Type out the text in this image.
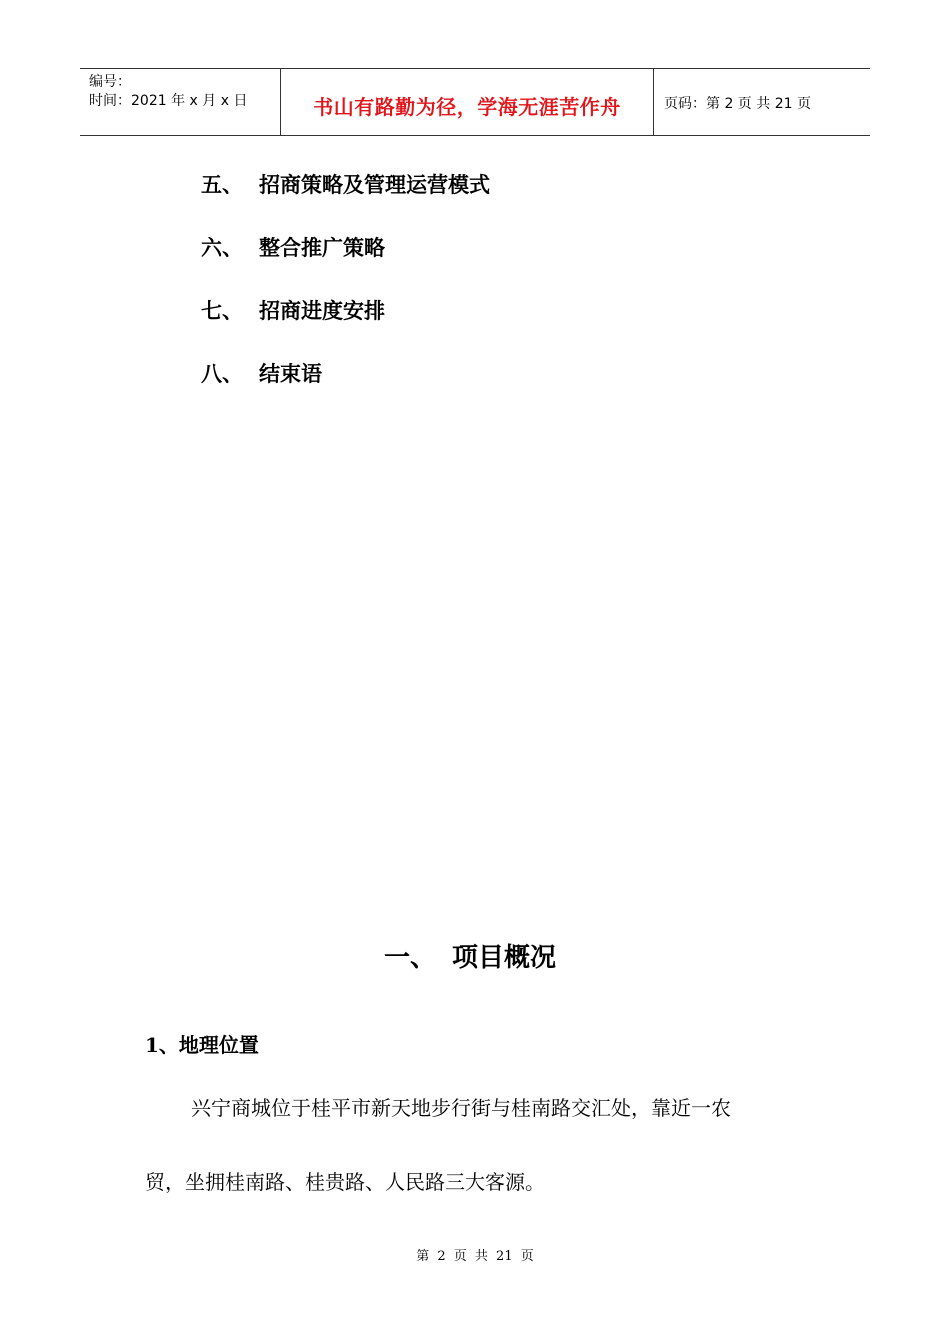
编号：
时间：2021 年 x 月 x 日	书山有路勤为径，学海无涯苦作舟	页码：第 2 页 共 21 页
五、 招商策略及管理运营模式
六、 整合推广策略
七、 招商进度安排
八、 结束语
一、 项目概况
1、地理位置
兴宁商城位于桂平市新天地步行街与桂南路交汇处，靠近一农
贸，坐拥桂南路、桂贵路、人民路三大客源。
第 2 页 共 21 页
